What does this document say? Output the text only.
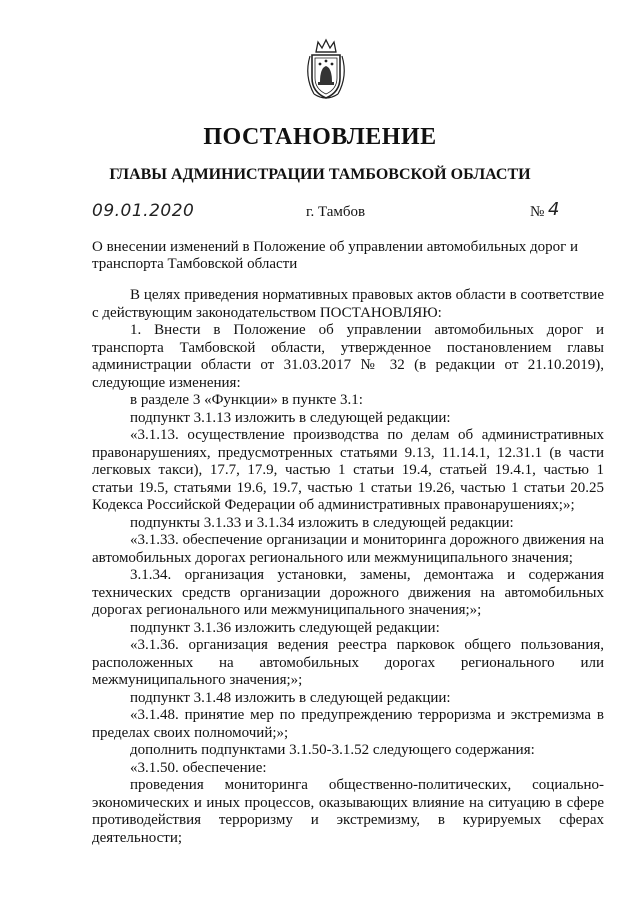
ПОСТАНОВЛЕНИЕ
ГЛАВЫ АДМИНИСТРАЦИИ ТАМБОВСКОЙ ОБЛАСТИ
09.01.2020	г. Тамбов	№ 4
О внесении изменений в Положение об управлении автомобильных дорог и транспорта Тамбовской области

В целях приведения нормативных правовых актов области в соответствие с действующим законодательством ПОСТАНОВЛЯЮ:

1. Внести в Положение об управлении автомобильных дорог и транспорта Тамбовской области, утвержденное постановлением главы администрации области от 31.03.2017 № 32 (в редакции от 21.10.2019), следующие изменения:

в разделе 3 «Функции» в пункте 3.1:

подпункт 3.1.13 изложить в следующей редакции:

«3.1.13. осуществление производства по делам об административных правонарушениях, предусмотренных статьями 9.13, 11.14.1, 12.31.1 (в части легковых такси), 17.7, 17.9, частью 1 статьи 19.4, статьей 19.4.1, частью 1 статьи 19.5, статьями 19.6, 19.7, частью 1 статьи 19.26, частью 1 статьи 20.25 Кодекса Российской Федерации об административных правонарушениях;»;

подпункты 3.1.33 и 3.1.34 изложить в следующей редакции:

«3.1.33. обеспечение организации и мониторинга дорожного движения на автомобильных дорогах регионального или межмуниципального значения;

3.1.34. организация установки, замены, демонтажа и содержания технических средств организации дорожного движения на автомобильных дорогах регионального или межмуниципального значения;»;

подпункт 3.1.36 изложить следующей редакции:

«3.1.36. организация ведения реестра парковок общего пользования, расположенных на автомобильных дорогах регионального или межмуниципального значения;»;

подпункт 3.1.48 изложить в следующей редакции:

«3.1.48. принятие мер по предупреждению терроризма и экстремизма в пределах своих полномочий;»;

дополнить подпунктами 3.1.50-3.1.52 следующего содержания:

«3.1.50. обеспечение:

проведения мониторинга общественно-политических, социально-экономических и иных процессов, оказывающих влияние на ситуацию в сфере противодействия терроризму и экстремизму, в курируемых сферах деятельности;
